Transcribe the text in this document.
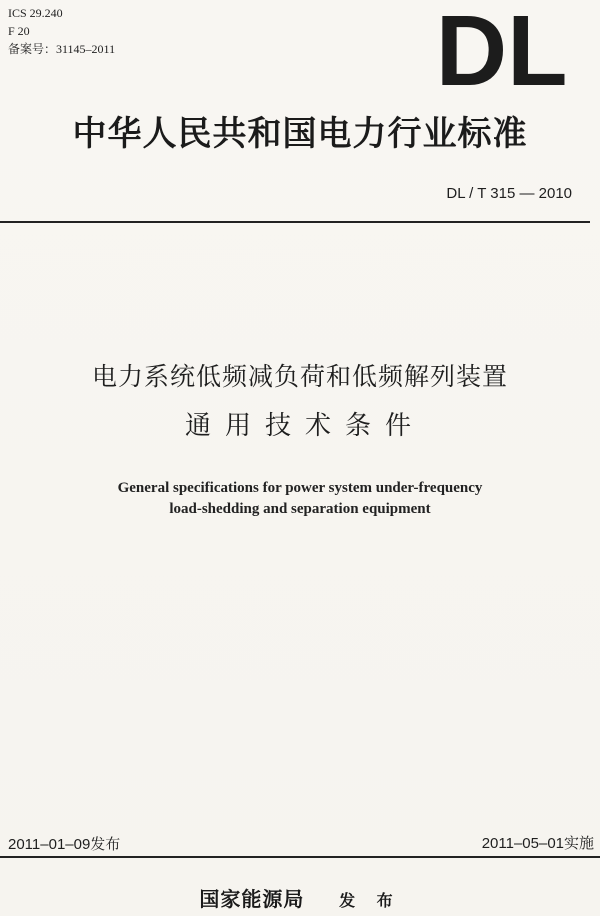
ICS 29.240
F 20
备案号：31145–2011	DL
中华人民共和国电力行业标准
DL / T 315 — 2010
电力系统低频减负荷和低频解列装置
通用技术条件
General specifications for power system under-frequency
load-shedding and separation equipment
2011–01–09发布	2011–05–01实施
国家能源局 发 布
